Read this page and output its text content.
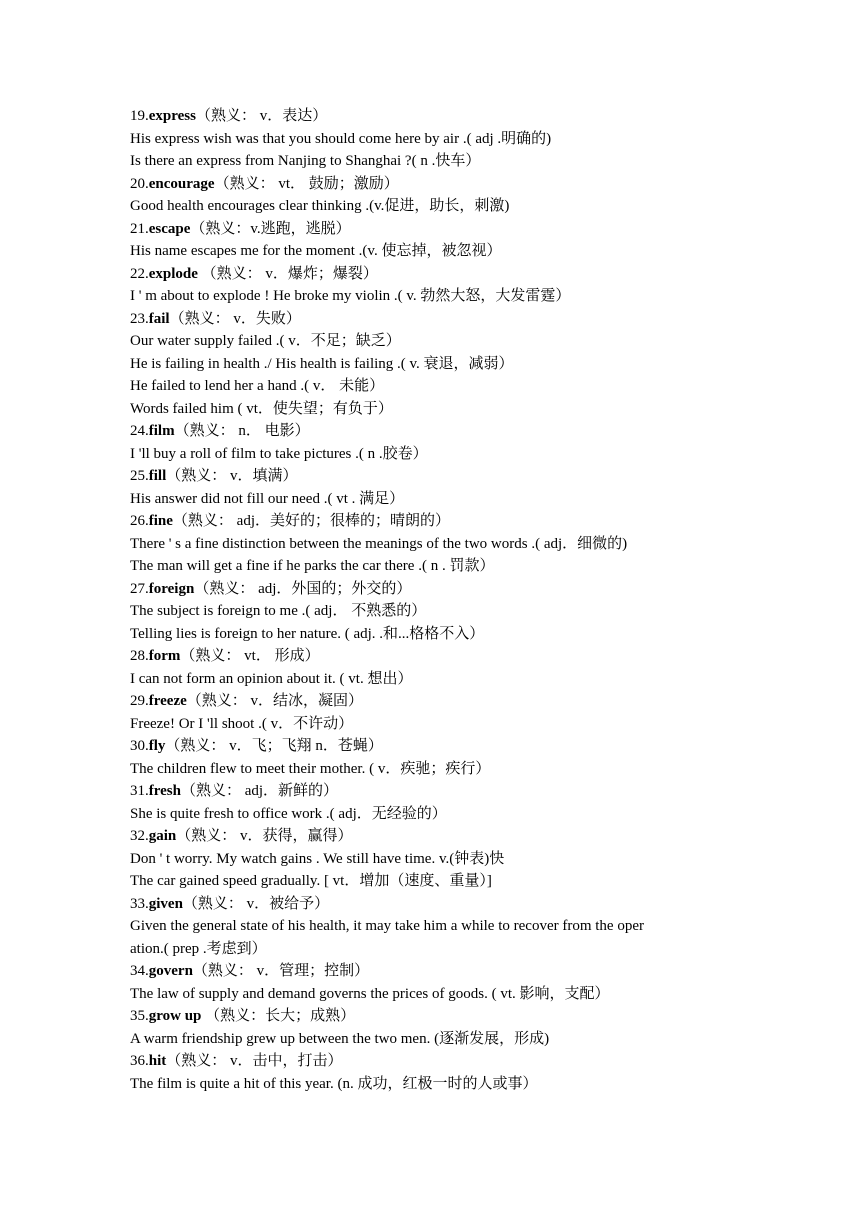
19.express（熟义： v．表达）
His express wish was that you should come here by air .( adj .明确的)
Is there an express from Nanjing to Shanghai ?( n .快车）
20.encourage（熟义： vt． 鼓励；激励）
Good health encourages clear thinking .(v.促进，助长，刺激)
21.escape（熟义：v.逃跑，逃脱）
His name escapes me for the moment .(v. 使忘掉，被忽视）
22.explode （熟义： v．爆炸；爆裂）
I ' m about to explode ! He broke my violin .( v. 勃然大怒，大发雷霆）
23.fail（熟义： v．失败）
Our water supply failed .( v．不足；缺乏）
He is failing in health ./ His health is failing .( v. 衰退，减弱）
He failed to lend her a hand .( v． 未能）
Words failed him ( vt．使失望；有负于）
24.film（熟义： n． 电影）
I 'll buy a roll of film to take pictures .( n .胶卷）
25.fill（熟义： v．填满）
His answer did not fill our need .( vt . 满足）
26.fine（熟义： adj．美好的；很棒的；晴朗的）
There ' s a fine distinction between the meanings of the two words .( adj．细微的)
The man will get a fine if he parks the car there .( n . 罚款）
27.foreign（熟义： adj．外国的；外交的）
The subject is foreign to me .( adj． 不熟悉的）
Telling lies is foreign to her nature. ( adj. .和...格格不入）
28.form（熟义： vt． 形成）
I can not form an opinion about it. ( vt. 想出）
29.freeze（熟义： v．结冰，凝固）
Freeze! Or I 'll shoot .( v．不许动）
30.fly（熟义： v．飞；飞翔 n．苍蝇）
The children flew to meet their mother. ( v．疾驰；疾行）
31.fresh（熟义： adj．新鲜的）
She is quite fresh to office work .( adj．无经验的）
32.gain（熟义： v．获得，赢得）
Don ' t worry. My watch gains . We still have time. v.(钟表)快
The car gained speed gradually. [ vt．增加（速度、重量）]
33.given（熟义： v．被给予）
Given the general state of his health, it may take him a while to recover from the oper
ation.( prep .考虑到）
34.govern（熟义： v．管理；控制）
The law of supply and demand governs the prices of goods. ( vt. 影响，支配）
35.grow up （熟义：长大；成熟）
A warm friendship grew up between the two men. (逐渐发展，形成)
36.hit（熟义： v．击中，打击）
The film is quite a hit of this year. (n. 成功，红极一时的人或事）
